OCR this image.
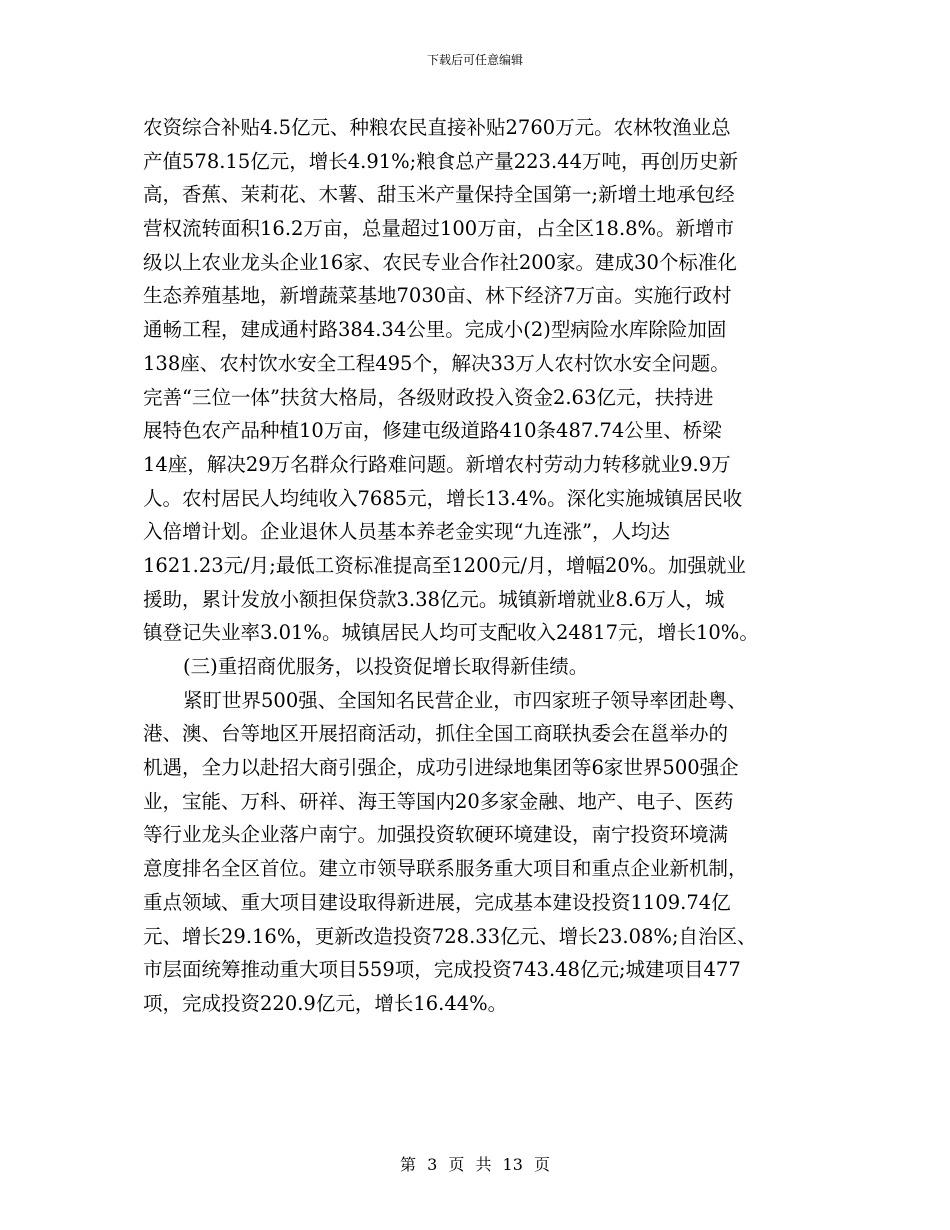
下载后可任意编辑
农资综合补贴4.5亿元、种粮农民直接补贴2760万元。农林牧渔业总
产值578.15亿元，增长4.91%;粮食总产量223.44万吨，再创历史新
高，香蕉、茉莉花、木薯、甜玉米产量保持全国第一;新增土地承包经
营权流转面积16.2万亩，总量超过100万亩，占全区18.8%。新增市
级以上农业龙头企业16家、农民专业合作社200家。建成30个标准化
生态养殖基地，新增蔬菜基地7030亩、林下经济7万亩。实施行政村
通畅工程，建成通村路384.34公里。完成小(2)型病险水库除险加固
138座、农村饮水安全工程495个，解决33万人农村饮水安全问题。
完善“三位一体”扶贫大格局，各级财政投入资金2.63亿元，扶持进
展特色农产品种植10万亩，修建屯级道路410条487.74公里、桥梁
14座，解决29万名群众行路难问题。新增农村劳动力转移就业9.9万
人。农村居民人均纯收入7685元，增长13.4%。深化实施城镇居民收
入倍增计划。企业退休人员基本养老金实现“九连涨”，人均达
1621.23元/月;最低工资标准提高至1200元/月，增幅20%。加强就业
援助，累计发放小额担保贷款3.38亿元。城镇新增就业8.6万人，城
镇登记失业率3.01%。城镇居民人均可支配收入24817元，增长10%。
(三)重招商优服务，以投资促增长取得新佳绩。
紧盯世界500强、全国知名民营企业，市四家班子领导率团赴粤、
港、澳、台等地区开展招商活动，抓住全国工商联执委会在邕举办的
机遇，全力以赴招大商引强企，成功引进绿地集团等6家世界500强企
业，宝能、万科、研祥、海王等国内20多家金融、地产、电子、医药
等行业龙头企业落户南宁。加强投资软硬环境建设，南宁投资环境满
意度排名全区首位。建立市领导联系服务重大项目和重点企业新机制，
重点领域、重大项目建设取得新进展，完成基本建设投资1109.74亿
元、增长29.16%，更新改造投资728.33亿元、增长23.08%;自治区、
市层面统筹推动重大项目559项，完成投资743.48亿元;城建项目477
项，完成投资220.9亿元，增长16.44%。
第 3 页 共 13 页
